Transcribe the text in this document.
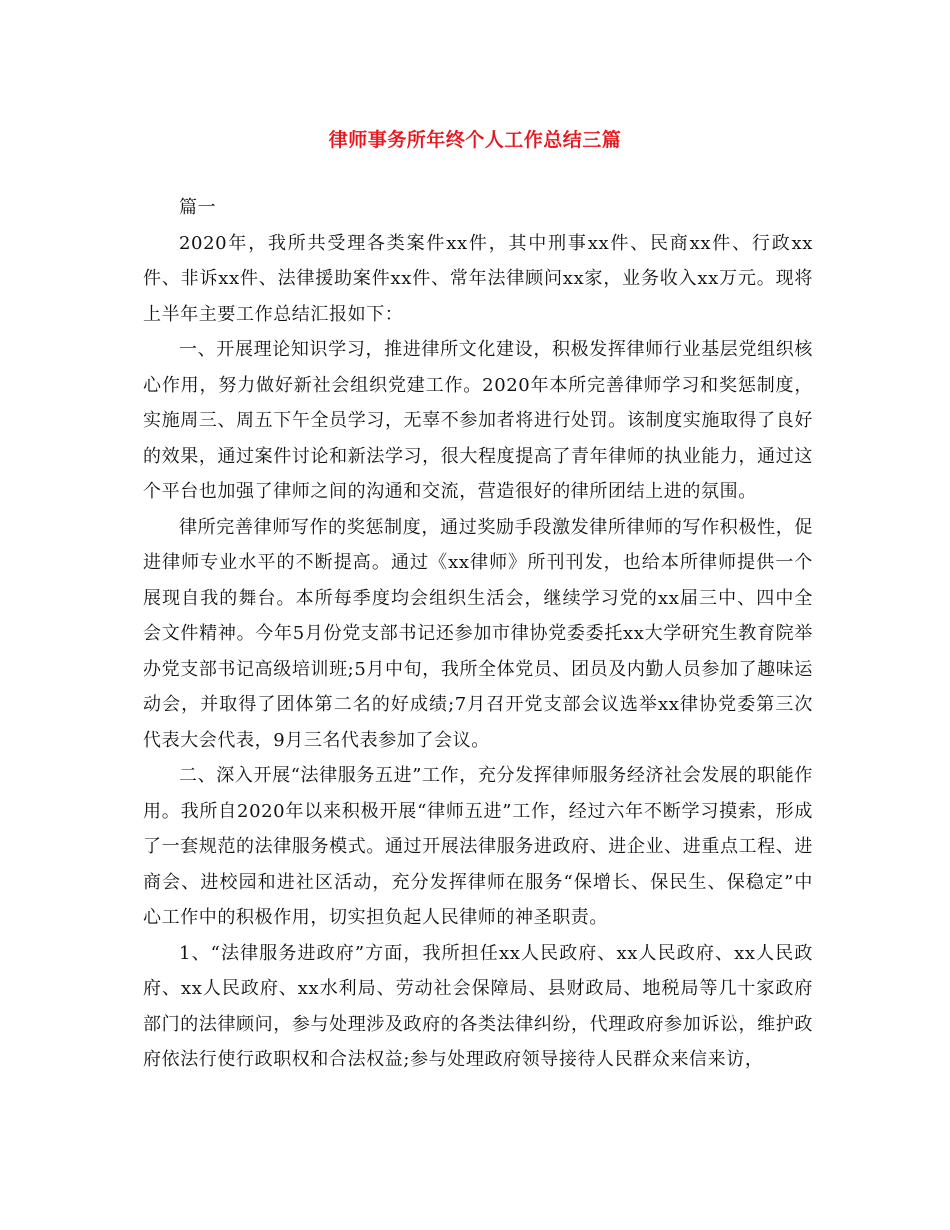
律师事务所年终个人工作总结三篇

篇一

2020年，我所共受理各类案件xx件，其中刑事xx件、民商xx件、行政xx件、非诉xx件、法律援助案件xx件、常年法律顾问xx家，业务收入xx万元。现将上半年主要工作总结汇报如下：

一、开展理论知识学习，推进律所文化建设，积极发挥律师行业基层党组织核心作用，努力做好新社会组织党建工作。2020年本所完善律师学习和奖惩制度，实施周三、周五下午全员学习，无辜不参加者将进行处罚。该制度实施取得了良好的效果，通过案件讨论和新法学习，很大程度提高了青年律师的执业能力，通过这个平台也加强了律师之间的沟通和交流，营造很好的律所团结上进的氛围。

律所完善律师写作的奖惩制度，通过奖励手段激发律所律师的写作积极性，促进律师专业水平的不断提高。通过《xx律师》所刊刊发，也给本所律师提供一个展现自我的舞台。本所每季度均会组织生活会，继续学习党的xx届三中、四中全会文件精神。今年5月份党支部书记还参加市律协党委委托xx大学研究生教育院举办党支部书记高级培训班;5月中旬，我所全体党员、团员及内勤人员参加了趣味运动会，并取得了团体第二名的好成绩;7月召开党支部会议选举xx律协党委第三次代表大会代表，9月三名代表参加了会议。

二、深入开展“法律服务五进”工作，充分发挥律师服务经济社会发展的职能作用。我所自2020年以来积极开展“律师五进”工作，经过六年不断学习摸索，形成了一套规范的法律服务模式。通过开展法律服务进政府、进企业、进重点工程、进商会、进校园和进社区活动，充分发挥律师在服务“保增长、保民生、保稳定”中心工作中的积极作用，切实担负起人民律师的神圣职责。

1、“法律服务进政府”方面，我所担任xx人民政府、xx人民政府、xx人民政府、xx人民政府、xx水利局、劳动社会保障局、县财政局、地税局等几十家政府部门的法律顾问，参与处理涉及政府的各类法律纠纷，代理政府参加诉讼，维护政府依法行使行政职权和合法权益;参与处理政府领导接待人民群众来信来访，
